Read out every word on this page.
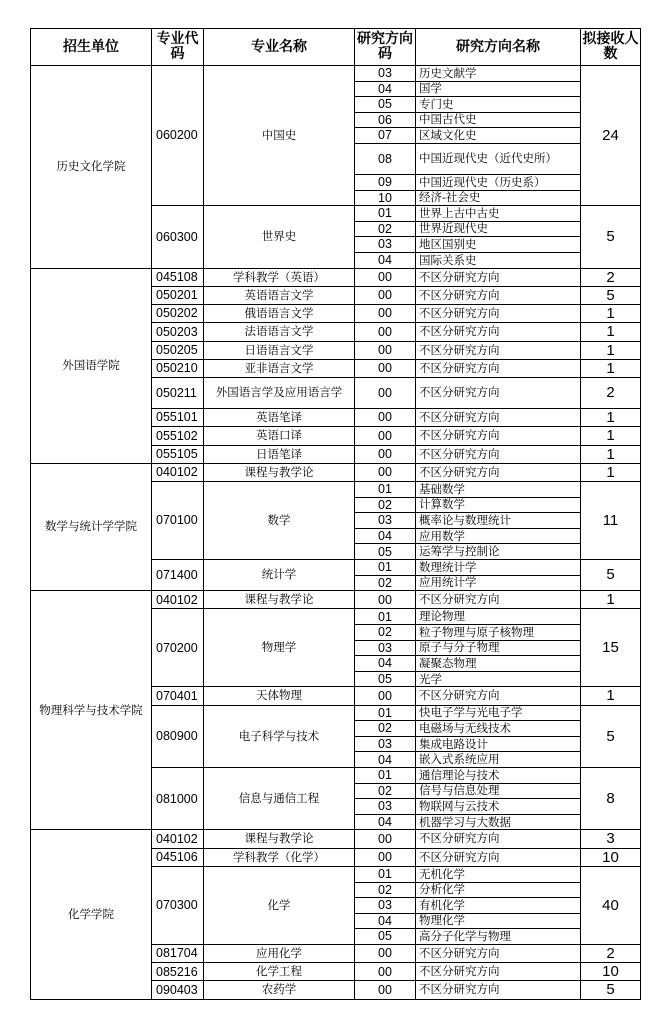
招生单位	专业代码	专业名称	研究方向码	研究方向名称	拟接收人数
历史文化学院	060200	中国史	03	历史文献学	24
			04	国学	
			05	专门史	
			06	中国古代史	
			07	区域文化史	
			08	中国近现代史（近代史所）	
			09	中国近现代史（历史系）	
			10	经济-社会史	
	060300	世界史	01	世界上古中古史	5
			02	世界近现代史	
			03	地区国别史	
			04	国际关系史	
外国语学院	045108	学科教学（英语）	00	不区分研究方向	2
	050201	英语语言文学	00	不区分研究方向	5
	050202	俄语语言文学	00	不区分研究方向	1
	050203	法语语言文学	00	不区分研究方向	1
	050205	日语语言文学	00	不区分研究方向	1
	050210	亚非语言文学	00	不区分研究方向	1
	050211	外国语言学及应用语言学	00	不区分研究方向	2
	055101	英语笔译	00	不区分研究方向	1
	055102	英语口译	00	不区分研究方向	1
	055105	日语笔译	00	不区分研究方向	1
数学与统计学学院	040102	课程与教学论	00	不区分研究方向	1
	070100	数学	01	基础数学	11
			02	计算数学	
			03	概率论与数理统计	
			04	应用数学	
			05	运筹学与控制论	
	071400	统计学	01	数理统计学	5
			02	应用统计学	
物理科学与技术学院	040102	课程与教学论	00	不区分研究方向	1
	070200	物理学	01	理论物理	15
			02	粒子物理与原子核物理	
			03	原子与分子物理	
			04	凝聚态物理	
			05	光学	
	070401	天体物理	00	不区分研究方向	1
	080900	电子科学与技术	01	快电子学与光电子学	5
			02	电磁场与无线技术	
			03	集成电路设计	
			04	嵌入式系统应用	
	081000	信息与通信工程	01	通信理论与技术	8
			02	信号与信息处理	
			03	物联网与云技术	
			04	机器学习与大数据	
化学学院	040102	课程与教学论	00	不区分研究方向	3
	045106	学科教学（化学）	00	不区分研究方向	10
	070300	化学	01	无机化学	40
			02	分析化学	
			03	有机化学	
			04	物理化学	
			05	高分子化学与物理	
	081704	应用化学	00	不区分研究方向	2
	085216	化学工程	00	不区分研究方向	10
	090403	农药学	00	不区分研究方向	5
